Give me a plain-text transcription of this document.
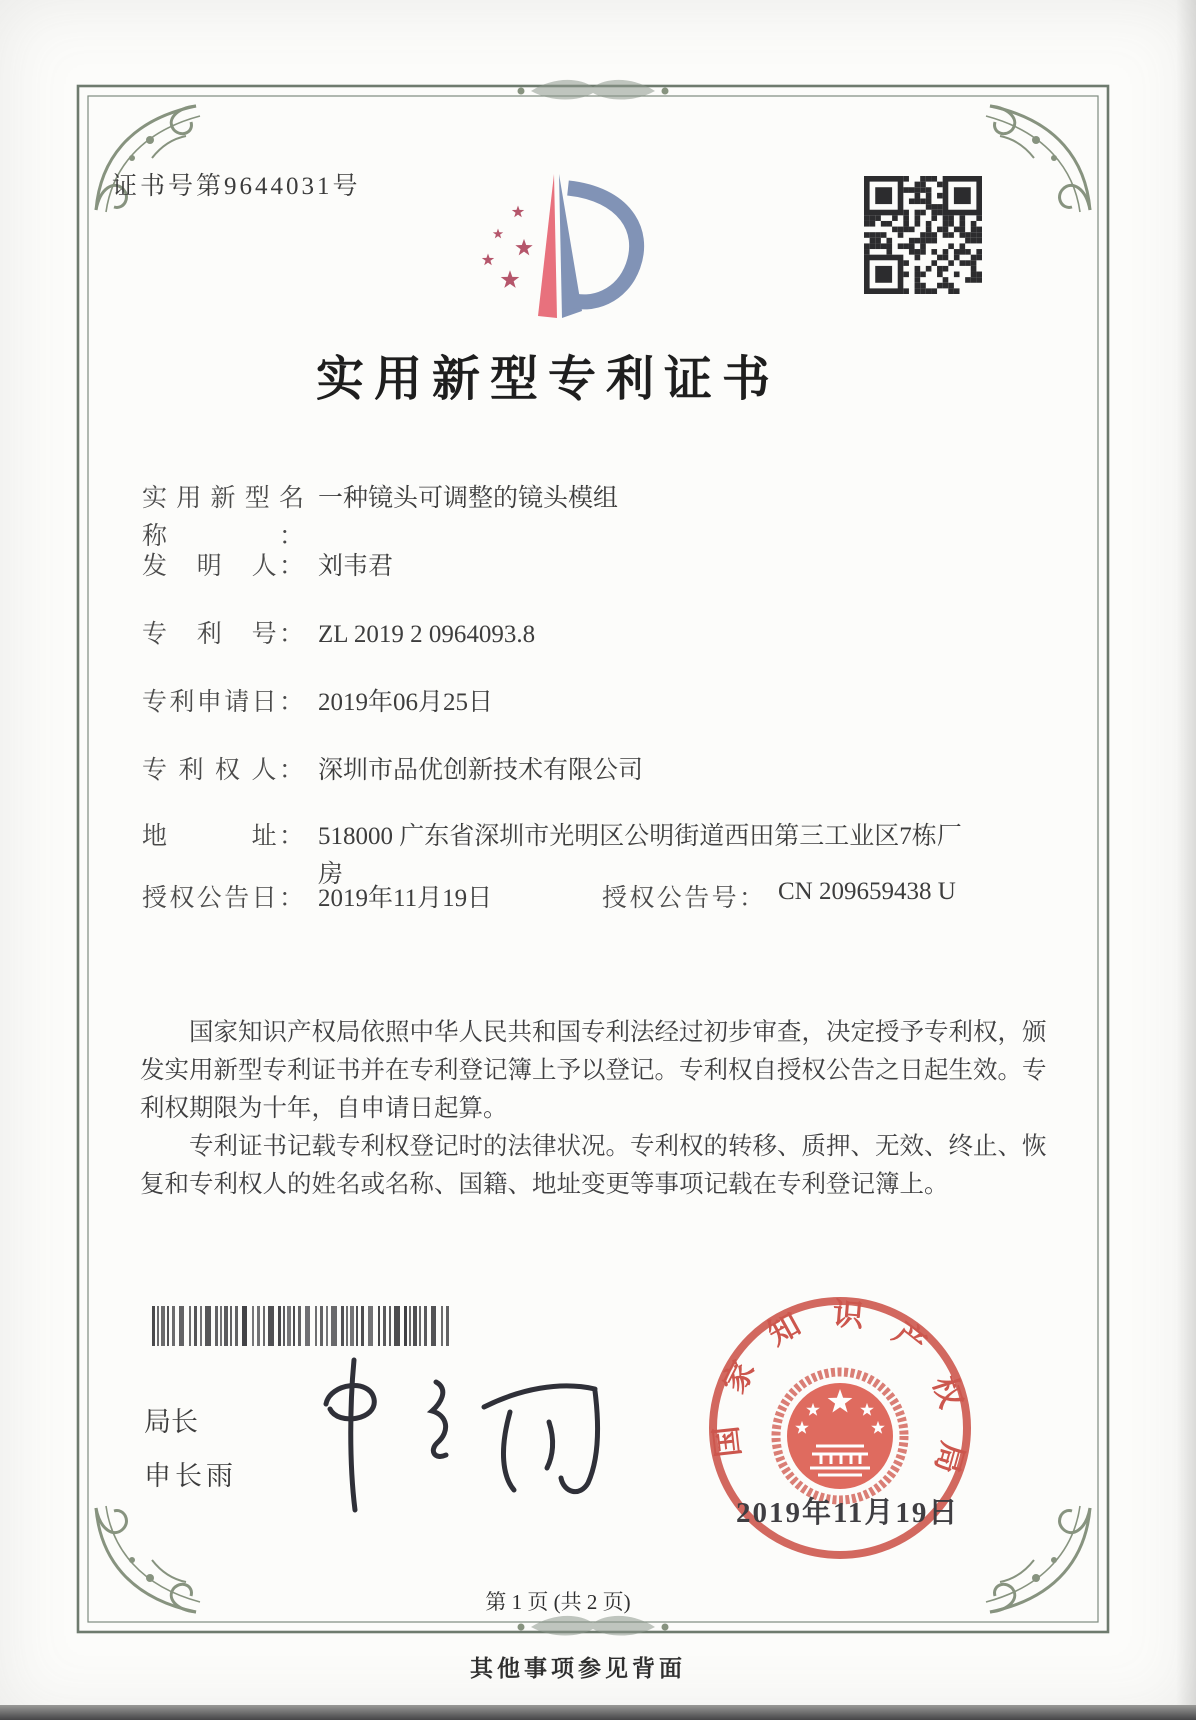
证书号第9644031号
实用新型专利证书
实用新型名称：
一种镜头可调整的镜头模组
发　明　人： 刘韦君
专　利　号： ZL 2019 2 0964093.8
专利申请日： 2019年06月25日
专 利 权 人： 深圳市品优创新技术有限公司
地　　　址： 518000 广东省深圳市光明区公明街道西田第三工业区7栋厂房
授权公告日： 2019年11月19日	授权公告号： CN 209659438 U

国家知识产权局依照中华人民共和国专利法经过初步审查，决定授予专利权，颁发实用新型专利证书并在专利登记簿上予以登记。专利权自授权公告之日起生效。专利权期限为十年，自申请日起算。

专利证书记载专利权登记时的法律状况。专利权的转移、质押、无效、终止、恢复和专利权人的姓名或名称、国籍、地址变更等事项记载在专利登记簿上。

局长
申长雨
国家知识产权局
2019年11月19日
第 1 页 (共 2 页)
其他事项参见背面
